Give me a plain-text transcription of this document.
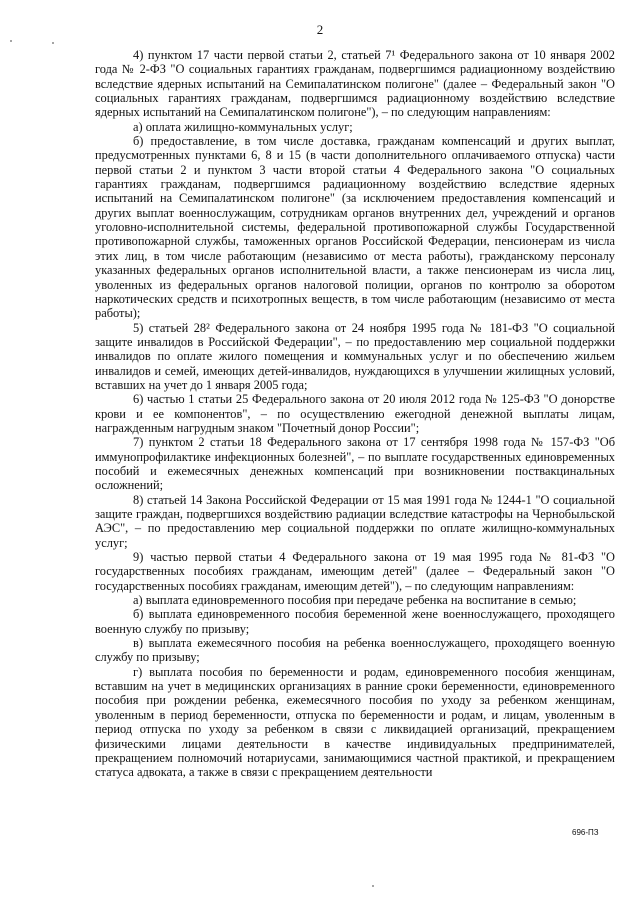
2

4) пунктом 17 части первой статьи 2, статьей 7¹ Федерального закона от 10 января 2002 года № 2-ФЗ "О социальных гарантиях гражданам, подвергшимся радиационному воздействию вследствие ядерных испытаний на Семипалатинском полигоне" (далее – Федеральный закон "О социальных гарантиях гражданам, подвергшимся радиационному воздействию вследствие ядерных испытаний на Семипалатинском полигоне"), – по следующим направлениям:

а) оплата жилищно-коммунальных услуг;

б) предоставление, в том числе доставка, гражданам компенсаций и других выплат, предусмотренных пунктами 6, 8 и 15 (в части дополнительного оплачиваемого отпуска) части первой статьи 2 и пунктом 3 части второй статьи 4 Федерального закона "О социальных гарантиях гражданам, подвергшимся радиационному воздействию вследствие ядерных испытаний на Семипалатинском полигоне" (за исключением предоставления компенсаций и других выплат военнослужащим, сотрудникам органов внутренних дел, учреждений и органов уголовно-исполнительной системы, федеральной противопожарной службы Государственной противопожарной службы, таможенных органов Российской Федерации, пенсионерам из числа этих лиц, в том числе работающим (независимо от места работы), гражданскому персоналу указанных федеральных органов исполнительной власти, а также пенсионерам из числа лиц, уволенных из федеральных органов налоговой полиции, органов по контролю за оборотом наркотических средств и психотропных веществ, в том числе работающим (независимо от места работы);

5) статьей 28² Федерального закона от 24 ноября 1995 года № 181-ФЗ "О социальной защите инвалидов в Российской Федерации", – по предоставлению мер социальной поддержки инвалидов по оплате жилого помещения и коммунальных услуг и по обеспечению жильем инвалидов и семей, имеющих детей-инвалидов, нуждающихся в улучшении жилищных условий, вставших на учет до 1 января 2005 года;

6) частью 1 статьи 25 Федерального закона от 20 июля 2012 года № 125-ФЗ "О донорстве крови и ее компонентов", – по осуществлению ежегодной денежной выплаты лицам, награжденным нагрудным знаком "Почетный донор России";

7) пунктом 2 статьи 18 Федерального закона от 17 сентября 1998 года № 157-ФЗ "Об иммунопрофилактике инфекционных болезней", – по выплате государственных единовременных пособий и ежемесячных денежных компенсаций при возникновении поствакцинальных осложнений;

8) статьей 14 Закона Российской Федерации от 15 мая 1991 года № 1244-1 "О социальной защите граждан, подвергшихся воздействию радиации вследствие катастрофы на Чернобыльской АЭС", – по предоставлению мер социальной поддержки по оплате жилищно-коммунальных услуг;

9) частью первой статьи 4 Федерального закона от 19 мая 1995 года № 81-ФЗ "О государственных пособиях гражданам, имеющим детей" (далее – Федеральный закон "О государственных пособиях гражданам, имеющим детей"), – по следующим направлениям:

а) выплата единовременного пособия при передаче ребенка на воспитание в семью;

б) выплата единовременного пособия беременной жене военнослужащего, проходящего военную службу по призыву;

в) выплата ежемесячного пособия на ребенка военнослужащего, проходящего военную службу по призыву;

г) выплата пособия по беременности и родам, единовременного пособия женщинам, вставшим на учет в медицинских организациях в ранние сроки беременности, единовременного пособия при рождении ребенка, ежемесячного пособия по уходу за ребенком женщинам, уволенным в период беременности, отпуска по беременности и родам, и лицам, уволенным в период отпуска по уходу за ребенком в связи с ликвидацией организаций, прекращением физическими лицами деятельности в качестве индивидуальных предпринимателей, прекращением полномочий нотариусами, занимающимися частной практикой, и прекращением статуса адвоката, а также в связи с прекращением деятельности

696-ПЗ
